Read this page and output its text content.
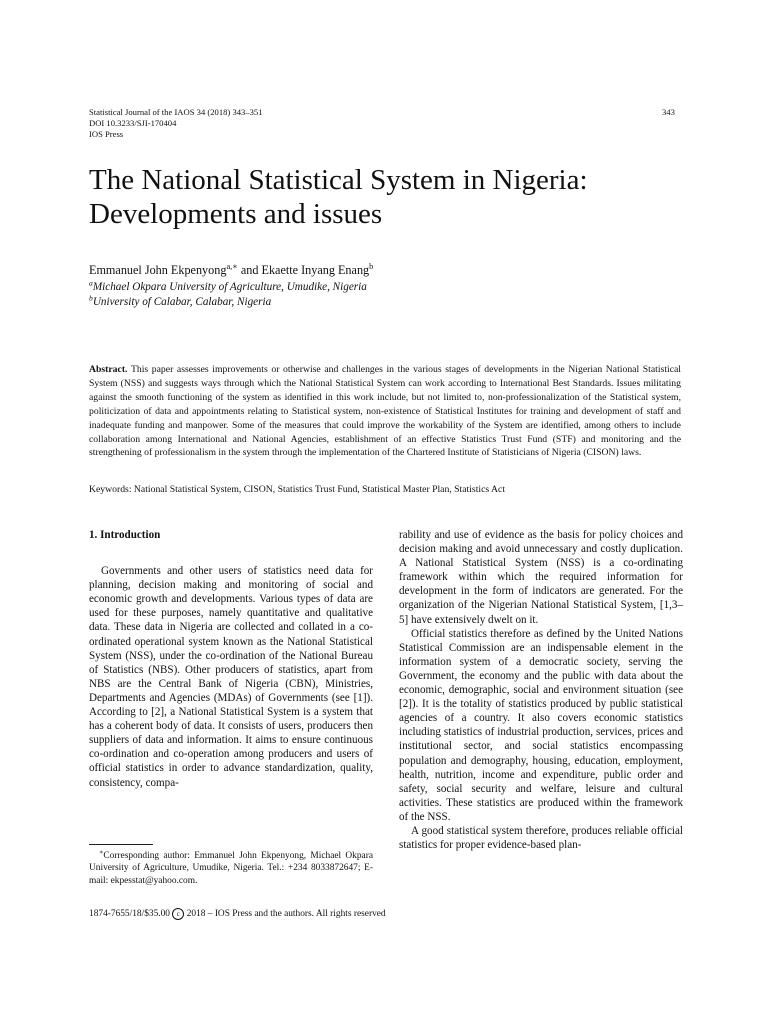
Statistical Journal of the IAOS 34 (2018) 343–351
DOI 10.3233/SJI-170404
IOS Press
343
The National Statistical System in Nigeria:
Developments and issues
Emmanuel John Ekpenyong$^{a,∗}$ and Ekaette Inyang Enang$^b$
$^a$Michael Okpara University of Agriculture, Umudike, Nigeria
$^b$University of Calabar, Calabar, Nigeria

Abstract. This paper assesses improvements or otherwise and challenges in the various stages of developments in the Nigerian National Statistical System (NSS) and suggests ways through which the National Statistical System can work according to International Best Standards. Issues militating against the smooth functioning of the system as identified in this work include, but not limited to, non-professionalization of the Statistical system, politicization of data and appointments relating to Statistical system, non-existence of Statistical Institutes for training and development of staff and inadequate funding and manpower. Some of the measures that could improve the workability of the System are identified, among others to include collaboration among International and National Agencies, establishment of an effective Statistics Trust Fund (STF) and monitoring and the strengthening of professionalism in the system through the implementation of the Chartered Institute of Statisticians of Nigeria (CISON) laws.

Keywords: National Statistical System, CISON, Statistics Trust Fund, Statistical Master Plan, Statistics Act

1. Introduction

Governments and other users of statistics need data for planning, decision making and monitoring of social and economic growth and developments. Various types of data are used for these purposes, namely quantitative and qualitative data. These data in Nigeria are collected and collated in a co-ordinated operational system known as the National Statistical System (NSS), under the co-ordination of the National Bureau of Statistics (NBS). Other producers of statistics, apart from NBS are the Central Bank of Nigeria (CBN), Ministries, Departments and Agencies (MDAs) of Governments (see [1]). According to [2], a National Statistical System is a system that has a coherent body of data. It consists of users, producers then suppliers of data and information. It aims to ensure continuous co-ordination and co-operation among producers and users of official statistics in order to advance standardization, quality, consistency, compa-

rability and use of evidence as the basis for policy choices and decision making and avoid unnecessary and costly duplication. A National Statistical System (NSS) is a co-ordinating framework within which the required information for development in the form of indicators are generated. For the organization of the Nigerian National Statistical System, [1,3–5] have extensively dwelt on it.

Official statistics therefore as defined by the United Nations Statistical Commission are an indispensable element in the information system of a democratic society, serving the Government, the economy and the public with data about the economic, demographic, social and environment situation (see [2]). It is the totality of statistics produced by public statistical agencies of a country. It also covers economic statistics including statistics of industrial production, services, prices and institutional sector, and social statistics encompassing population and demography, housing, education, employment, health, nutrition, income and expenditure, public order and safety, social security and welfare, leisure and cultural activities. These statistics are produced within the framework of the NSS.

A good statistical system therefore, produces reliable official statistics for proper evidence-based plan-

∗Corresponding author: Emmanuel John Ekpenyong, Michael Okpara University of Agriculture, Umudike, Nigeria. Tel.: +234 8033872647; E-mail: ekpesstat@yahoo.com.

1874-7655/18/$35.00 c 2018 – IOS Press and the authors. All rights reserved
